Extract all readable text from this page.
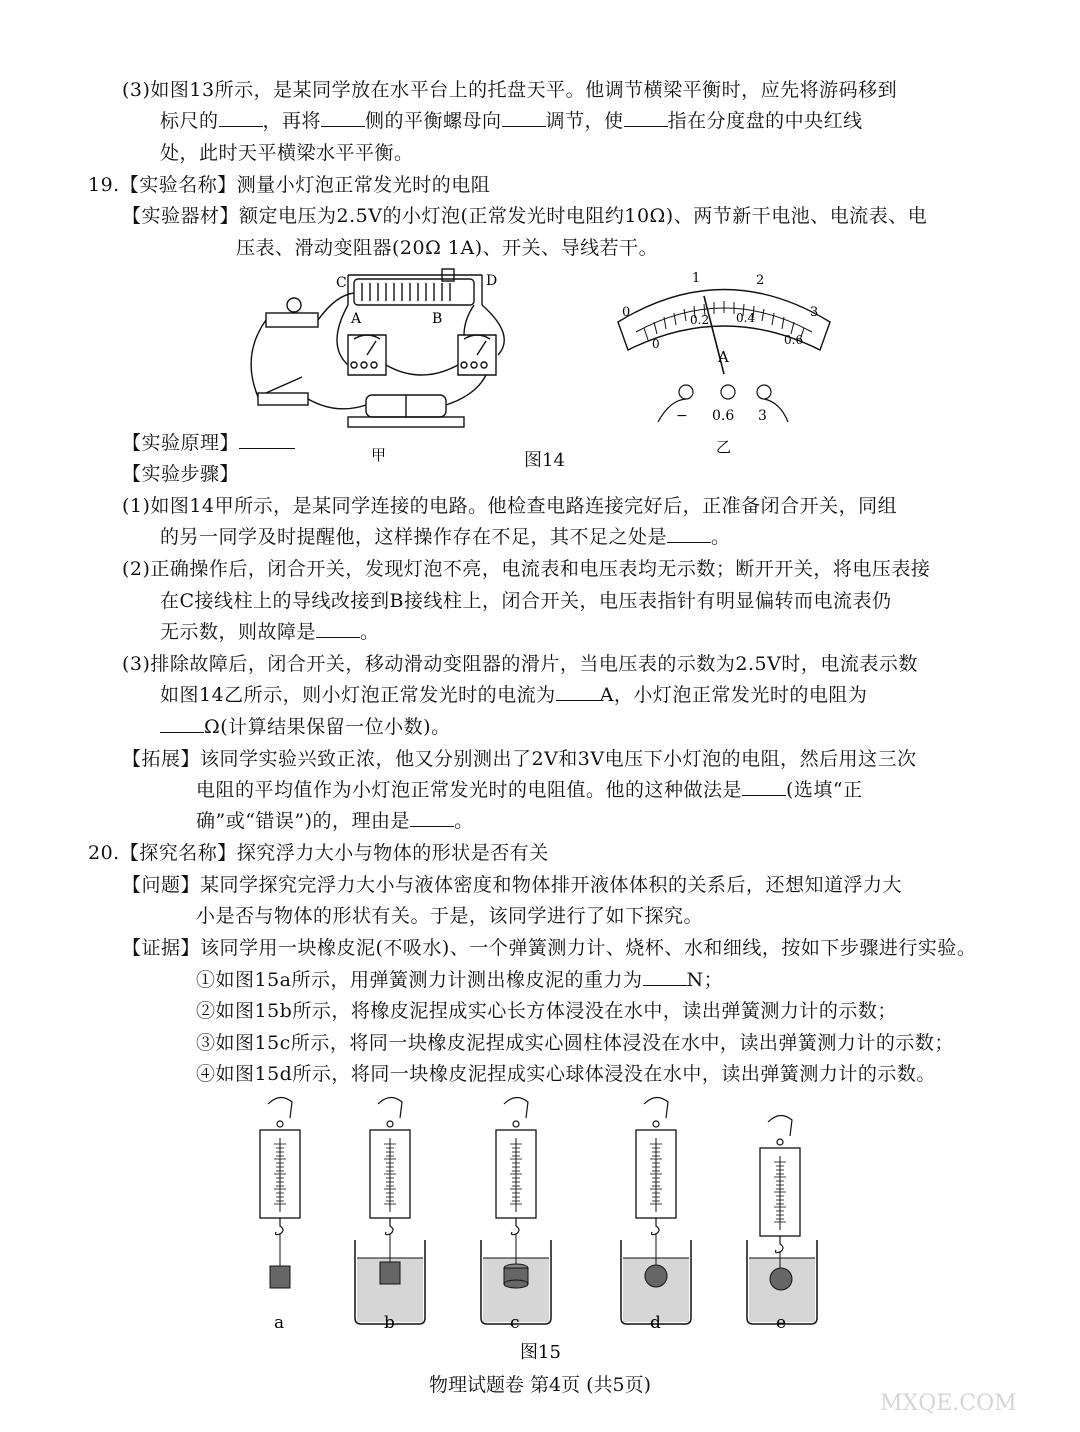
(3)如图13所示，是某同学放在水平台上的托盘天平。他调节横梁平衡时，应先将游码移到
标尺的 ，再将 侧的平衡螺母向 调节，使 指在分度盘的中央红线
处，此时天平横梁水平平衡。
19.【实验名称】测量小灯泡正常发光时的电阻
【实验器材】额定电压为2.5V的小灯泡(正常发光时电阻约10Ω)、两节新干电池、电流表、电
压表、滑动变阻器(20Ω 1A)、开关、导线若干。
C	D
A	B
甲
1	2
3
0
0
0.2 0.4
0.6
A
− 0.6 3
乙
【实验原理】
图14
【实验步骤】
(1)如图14甲所示，是某同学连接的电路。他检查电路连接完好后，正准备闭合开关，同组
的另一同学及时提醒他，这样操作存在不足，其不足之处是 。
(2)正确操作后，闭合开关，发现灯泡不亮，电流表和电压表均无示数；断开开关，将电压表接
在C接线柱上的导线改接到B接线柱上，闭合开关，电压表指针有明显偏转而电流表仍
无示数，则故障是 。
(3)排除故障后，闭合开关，移动滑动变阻器的滑片，当电压表的示数为2.5V时，电流表示数
如图14乙所示，则小灯泡正常发光时的电流为 A，小灯泡正常发光时的电阻为
Ω(计算结果保留一位小数)。
【拓展】该同学实验兴致正浓，他又分别测出了2V和3V电压下小灯泡的电阻，然后用这三次
电阻的平均值作为小灯泡正常发光时的电阻值。他的这种做法是 (选填“正
确”或“错误”)的，理由是 。
20.【探究名称】探究浮力大小与物体的形状是否有关
【问题】某同学探究完浮力大小与液体密度和物体排开液体体积的关系后，还想知道浮力大
小是否与物体的形状有关。于是，该同学进行了如下探究。
【证据】该同学用一块橡皮泥(不吸水)、一个弹簧测力计、烧杯、水和细线，按如下步骤进行实验。
①如图15a所示，用弹簧测力计测出橡皮泥的重力为 N；
②如图15b所示，将橡皮泥捏成实心长方体浸没在水中，读出弹簧测力计的示数；
③如图15c所示，将同一块橡皮泥捏成实心圆柱体浸没在水中，读出弹簧测力计的示数；
④如图15d所示，将同一块橡皮泥捏成实心球体浸没在水中，读出弹簧测力计的示数。
a	b	c	d	e
图15
物理试题卷 第4页 (共5页)
MXQE.COM
